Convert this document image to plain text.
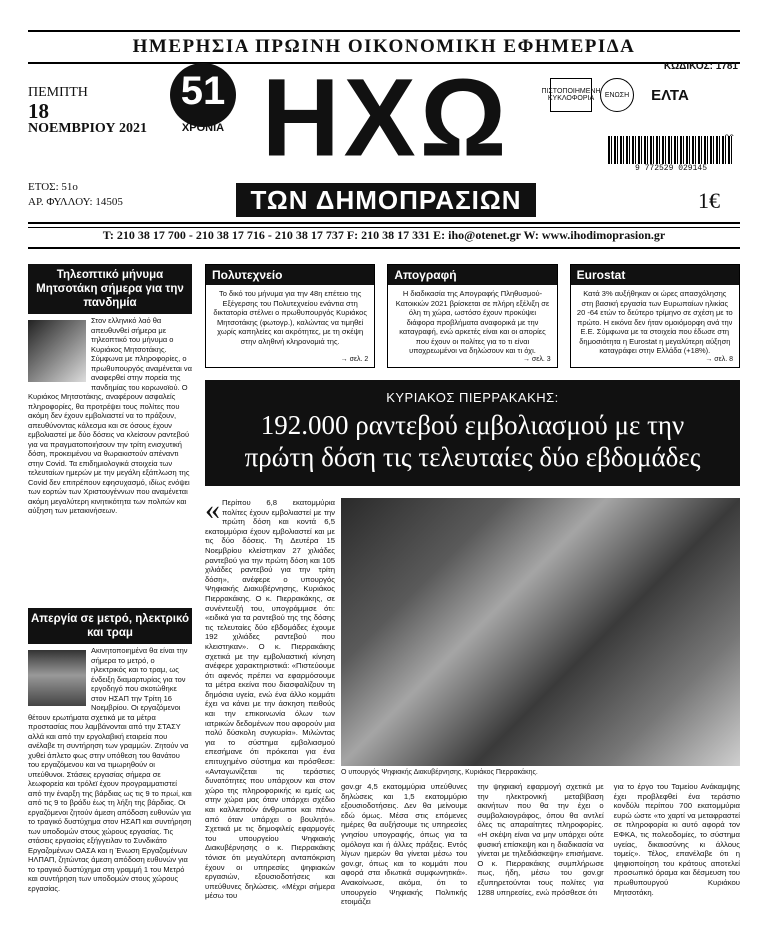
ΗΜΕΡΗΣΙΑ ΠΡΩΙΝΗ ΟΙΚΟΝΟΜΙΚΗ ΕΦΗΜΕΡΙΔΑ
ΚΩΔΙΚΟΣ: 1781
51
ΧΡΟΝΙΑ ΗΧΩ
ΤΩΝ ΔΗΜΟΠΡΑΣΙΩΝ
ΠΕΜΠΤΗ
18
ΝΟΕΜΒΡΙΟΥ 2021
ΕΤΟΣ: 51ο
ΑΡ. ΦΥΛΛΟΥ: 14505
ΠΙΣΤΟΠΟΙΗΜΕΝΗ ΚΥΚΛΟΦΟΡΙΑ	ΕΝΩΣΗ	ΕΛΤΑ
9 772529 029145
1€
T: 210 38 17 700 - 210 38 17 716 - 210 38 17 737 F: 210 38 17 331 E: iho@otenet.gr W: www.ihodimoprasion.gr
Τηλεοπτικό μήνυμα Μητσοτάκη σήμερα για την πανδημία
Στον ελληνικό λαό θα απευθυνθεί σήμερα με τηλεοπτικό του μήνυμα ο Κυριάκος Μητσοτάκης. Σύμφωνα με πληροφορίες, ο πρωθυπουργός αναμένεται να αναφερθεί στην πορεία της πανδημίας του κορωνοϊού. Ο Κυριάκος Μητσοτάκης, αναφέρουν ασφαλείς πληροφορίες, θα προτρέψει τους πολίτες που ακόμη δεν έχουν εμβολιαστεί να το πράξουν, απευθύνοντας κάλεσμα και σε όσους έχουν εμβολιαστεί με δύο δόσεις να κλείσουν ραντεβού για να πραγματοποιήσουν την τρίτη ενισχυτική δόση, προκειμένου να θωρακιστούν απέναντι στην Covid. Τα επιδημιολογικά στοιχεία των τελευταίων ημερών με την μεγάλη εξάπλωση της Covid δεν επιτρέπουν εφησυχασμό, ιδίως ενόψει των εορτών των Χριστουγέννων που αναμένεται ακόμη μεγαλύτερη κινητικότητα των πολιτών και αύξηση των μετακινήσεων.
Απεργία σε μετρό, ηλεκτρικό και τραμ
Ακινητοποιημένα θα είναι την σήμερα το μετρό, ο ηλεκτρικός και το τραμ, ως ένδειξη διαμαρτυρίας για τον εργοδηγό που σκοτώθηκε στον ΗΣΑΠ την Τρίτη 16 Νοεμβρίου. Οι εργαζόμενοι θέτουν ερωτήματα σχετικά με τα μέτρα προστασίας που λαμβάνονται από την ΣΤΑΣΥ αλλά και από την εργολαβική εταιρεία που ανέλαβε τη συντήρηση των γραμμών. Ζητούν να χυθεί άπλετο φως στην υπόθεση του θανάτου του εργαζόμενου και να τιμωρηθούν οι υπεύθυνοι. Στάσεις εργασίας σήμερα σε λεωφορεία και τρόλεϊ έχουν προγραμματιστεί από την έναρξη της βάρδιας ως τις 9 το πρωί, και από τις 9 το βράδυ έως τη λήξη της βάρδιας. Οι εργαζόμενοι ζητούν άμεση απόδοση ευθυνών για το τραγικό δυστύχημα στον ΗΣΑΠ και συντήρηση των υποδομών στους χώρους εργασίας. Τις στάσεις εργασίας εξήγγειλαν το Συνδικάτο Εργαζομένων ΟΑΣΑ και η Ένωση Εργαζομένων ΗΛΠΑΠ, ζητώντας άμεση απόδοση ευθυνών για το τραγικό δυστύχημα στη γραμμή 1 του Μετρό και συντήρηση των υποδομών στους χώρους εργασίας.
Πολυτεχνείο
Το δικό του μήνυμα για την 48η επέτειο της Εξέγερσης του Πολυτεχνείου ενάντια στη δικτατορία στέλνει ο πρωθυπουργός Κυριάκος Μητσοτάκης (φωτογρ.), καλώντας να τιμηθεί χωρίς καπηλείες και ακρότητες, με τη σκέψη στην αληθινή κληρονομιά της.
→ σελ. 2
Απογραφή
Η διαδικασία της Απογραφής Πληθυσμού-Κατοικιών 2021 βρίσκεται σε πλήρη εξέλιξη σε όλη τη χώρα, ωστόσο έχουν προκύψει διάφορα προβλήματα αναφορικά με την καταγραφή, ενώ αρκετές είναι και οι απορίες που έχουν οι πολίτες για το τι είναι υποχρεωμένοι να δηλώσουν και τι όχι.
→ σελ. 3
Eurostat
Κατά 3% αυξήθηκαν οι ώρες απασχόλησης στη βασική εργασία των Ευρωπαίων ηλικίας 20 -64 ετών το δεύτερο τρίμηνο σε σχέση με το πρώτο. Η εικόνα δεν ήταν ομοιόμορφη ανά την Ε.Ε. Σύμφωνα με τα στοιχεία που έδωσε στη δημοσιότητα η Eurostat η μεγαλύτερη αύξηση καταγράφει στην Ελλάδα (+18%).
→ σελ. 8
ΚΥΡΙΑΚΟΣ ΠΙΕΡΡΑΚΑΚΗΣ:
192.000 ραντεβού εμβολιασμού με την πρώτη δόση τις τελευταίες δύο εβδομάδες
« Περίπου 6,8 εκατομμύρια πολίτες έχουν εμβολιαστεί με την πρώτη δόση και κοντά 6,5 εκατομμύρια έχουν εμβολιαστεί και με τις δύο δόσεις. Τη Δευτέρα 15 Νοεμβρίου κλείστηκαν 27 χιλιάδες ραντεβού για την πρώτη δόση και 105 χιλιάδες ραντεβού για την τρίτη δόση», ανέφερε ο υπουργός Ψηφιακής Διακυβέρνησης, Κυριάκος Πιερρακάκης. Ο κ. Πιερρακάκης, σε συνέντευξή του, υπογράμμισε ότι: «ειδικά για τα ραντεβού της της δόσης τις τελευταίες δύο εβδομάδες έχουμε 192 χιλιάδες ραντεβού που κλειστηκαν». Ο κ. Πιερρακάκης σχετικά με την εμβολιαστική κίνηση ανέφερε χαρακτηριστικά: «Πιστεύουμε ότι αφενός πρέπει να εφαρμόσουμε τα μέτρα εκείνα που διασφαλίζουν τη δημόσια υγεία, ενώ ένα άλλο κομμάτι έχει να κάνει με την άσκηση πειθούς και την επικοινωνία όλων των ιατρικών δεδομένων που αφορούν μια πολύ δύσκολη συγκυρία». Μιλώντας για το σύστημα εμβολιασμού επεσήμανε ότι πρόκειται για ένα επιτυχημένο σύστημα και πρόσθεσε: «Ανταγωνίζεται τις τεράστιες δυνατότητες που υπάρχουν και στον χώρο της πληροφορικής κι εμείς ως στην χώρα μας όταν υπάρχει σχέδιο και καλλιεπούν άνθρωποι και πάνω από όταν υπάρχει ο βουλητό». Σχετικά με τις δημοφιλείς εφαρμογές του υπουργείου Ψηφιακής Διακυβέρνησης ο κ. Πιερρακάκης τόνισε ότι μεγαλύτερη ανταπόκριση έχουν οι υπηρεσίες ψηφιακών εργασιών, εξουσιοδοτήσεις και υπεύθυνες δηλώσεις. «Μέχρι σήμερα μέσω του
Ο υπουργός Ψηφιακής Διακυβέρνησης, Κυριάκος Πιερρακάκης.
gov.gr 4,5 εκατομμύρια υπεύθυνες δηλώσεις και 1,5 εκατομμύριο εξουσιοδοτήσεις. Δεν θα μείνουμε εδώ όμως. Μέσα στις επόμενες ημέρες θα αυξήσουμε τις υπηρεσίες γνησίου υπογραφής, όπως για τα ομόλογα και ή άλλες πράξεις. Εντός λίγων ημερών θα γίνεται μέσω του gov.gr, όπως και το κομμάτι που αφορά στα ιδιωτικά συμφωνητικά». Ανακοίνωσε, ακόμα, ότι το υπουργείο Ψηφιακής Πολιτικής ετοιμάζει
την ψηφιακή εφαρμογή σχετικά με την ηλεκτρονική μεταβίβαση ακινήτων που θα την έχει ο συμβολαιογράφος, όπου θα αντλεί όλες τις απαραίτητες πληροφορίες. «Η σκέψη είναι να μην υπάρχει ούτε φυσική επίσκεψη και η διαδικασία να γίνεται με τηλεδιάσκεψη» επισήμανε. Ο κ. Πιερρακάκης συμπλήρωσε πως, ήδη, μέσω του gov.gr εξυπηρετούνται τους πολίτες για 1288 υπηρεσίες, ενώ πρόσθεσε ότι
για το έργο του Ταμείου Ανάκαμψης έχει προβλεφθεί ένα τεράστιο κονδύλι περίπου 700 εκατομμύρια ευρώ ώστε «το χαρτί να μεταφραστεί σε πληροφορία κι αυτό αφορά τον ΕΦΚΑ, τις πολεοδομίες, το σύστημα υγείας, δικαιοσύνης κι άλλους τομείς». Τέλος, επανέλαβε ότι η ψηφιοποίηση του κράτους αποτελεί προσωπικό όραμα και δέσμευση του πρωθυπουργού Κυριάκου Μητσοτάκη.
